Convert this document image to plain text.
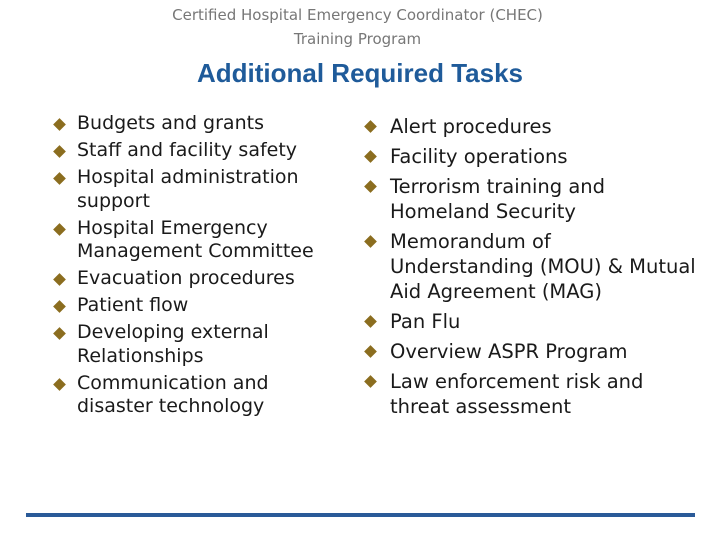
Certified Hospital Emergency Coordinator (CHEC)
Training Program
Additional Required Tasks
Budgets and grants
Staff and facility safety
Hospital administration support
Hospital Emergency Management Committee
Evacuation procedures
Patient flow
Developing external Relationships
Communication and disaster technology
Alert procedures
Facility operations
Terrorism training and Homeland Security
Memorandum of Understanding (MOU) & Mutual Aid Agreement (MAG)
Pan Flu
Overview ASPR Program
Law enforcement risk and threat assessment
